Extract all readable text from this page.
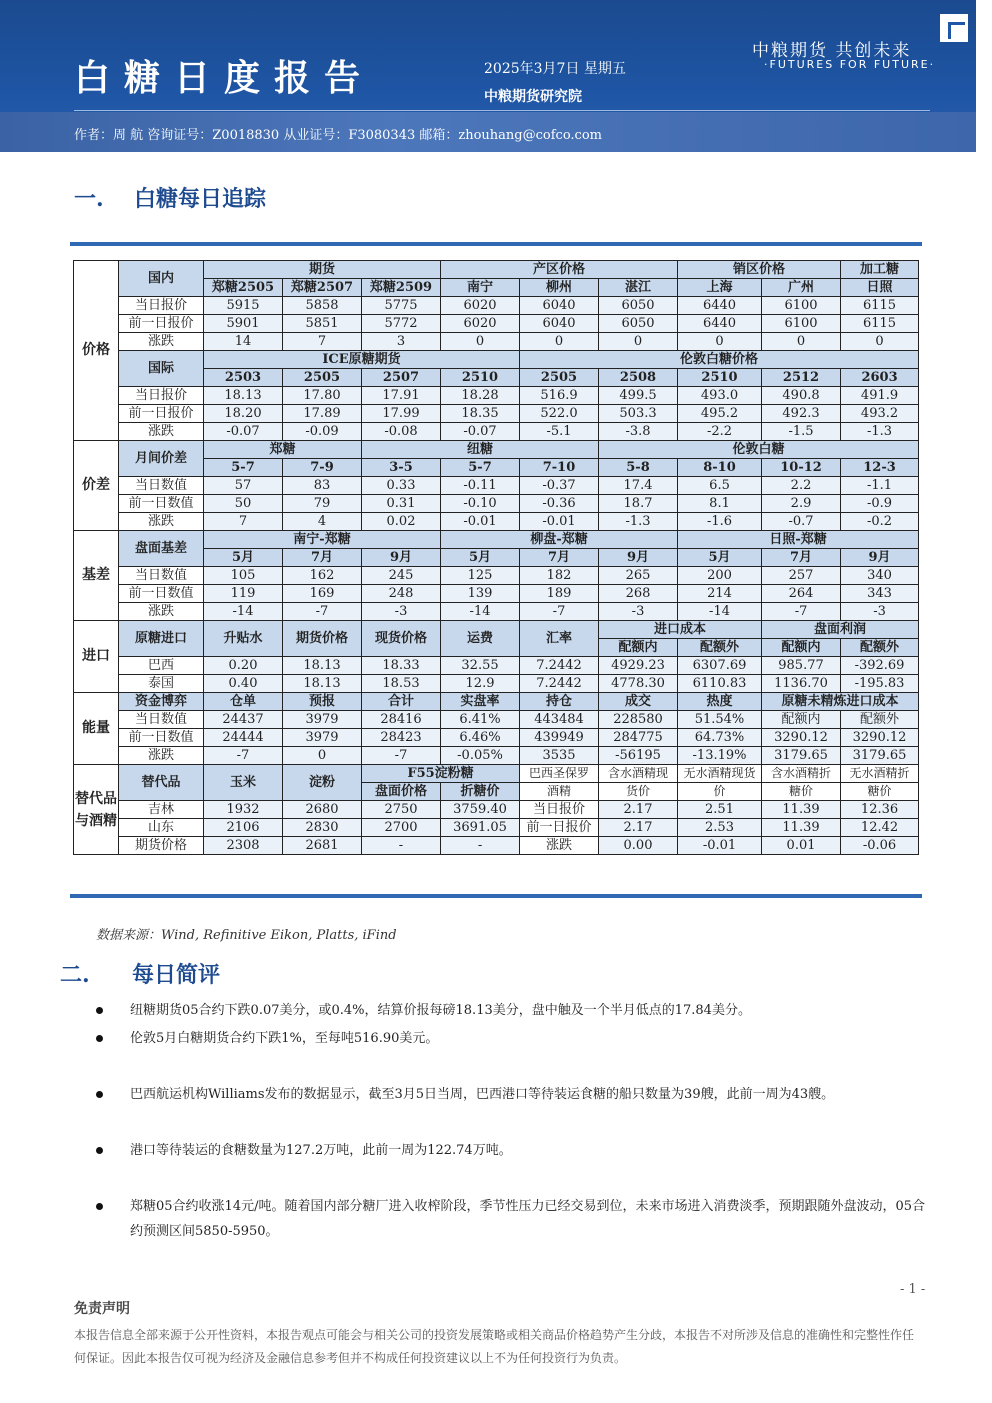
白糖日度报告	2025年3月7日 星期五
中粮期货研究院
中粮期货 共创未来
·FUTURES FOR FUTURE·
作者：周 航 咨询证号：Z0018830 从业证号：F3080343 邮箱：zhouhang@cofco.com
一. 白糖每日追踪
价格	国内	期货			产区价格			销区价格		加工糖
		郑糖2505	郑糖2507	郑糖2509	南宁	柳州	湛江	上海	广州	日照
	当日报价	5915	5858	5775	6020	6040	6050	6440	6100	6115
	前一日报价	5901	5851	5772	6020	6040	6050	6440	6100	6115
	涨跌	14	7	3	0	0	0	0	0	0
	国际	ICE原糖期货				伦敦白糖价格				
		2503	2505	2507	2510	2505	2508	2510	2512	2603
	当日报价	18.13	17.80	17.91	18.28	516.9	499.5	493.0	490.8	491.9
	前一日报价	18.20	17.89	17.99	18.35	522.0	503.3	495.2	492.3	493.2
	涨跌	-0.07	-0.09	-0.08	-0.07	-5.1	-3.8	-2.2	-1.5	-1.3
价差	月间价差	郑糖		纽糖			伦敦白糖			
		5-7	7-9	3-5	5-7	7-10	5-8	8-10	10-12	12-3
	当日数值	57	83	0.33	-0.11	-0.37	17.4	6.5	2.2	-1.1
	前一日数值	50	79	0.31	-0.10	-0.36	18.7	8.1	2.9	-0.9
	涨跌	7	4	0.02	-0.01	-0.01	-1.3	-1.6	-0.7	-0.2
基差	盘面基差	南宁-郑糖			柳盘-郑糖			日照-郑糖		
		5月	7月	9月	5月	7月	9月	5月	7月	9月
	当日数值	105	162	245	125	182	265	200	257	340
	前一日数值	119	169	248	139	189	268	214	264	343
	涨跌	-14	-7	-3	-14	-7	-3	-14	-7	-3
进口	原糖进口	升贴水	期货价格	现货价格	运费	汇率	进口成本		盘面利润	
							配额内	配额外	配额内	配额外
	巴西	0.20	18.13	18.33	32.55	7.2442	4929.23	6307.69	985.77	-392.69
	泰国	0.40	18.13	18.53	12.9	7.2442	4778.30	6110.83	1136.70	-195.83
能量	资金博弈	仓单	预报	合计	实盘率	持仓	成交	热度	原糖未精炼进口成本	
	当日数值	24437	3979	28416	6.41%	443484	228580	51.54%	配额内	配额外
	前一日数值	24444	3979	28423	6.46%	439949	284775	64.73%	3290.12	3290.12
	涨跌	-7	0	-7	-0.05%	3535	-56195	-13.19%	3179.65	3179.65
替代品与酒精	替代品	玉米	淀粉	F55淀粉糖		巴西圣保罗	含水酒精现	无水酒精现货	含水酒精折	无水酒精折
				盘面价格	折糖价	酒精	货价	价	糖价	糖价
	吉林	1932	2680	2750	3759.40	当日报价	2.17	2.51	11.39	12.36
	山东	2106	2830	2700	3691.05	前一日报价	2.17	2.53	11.39	12.42
	期货价格	2308	2681	-	-	涨跌	0.00	-0.01	0.01	-0.06
数据来源：Wind, Refinitive Eikon, Platts, iFind
二. 每日简评
纽糖期货05合约下跌0.07美分，或0.4%，结算价报每磅18.13美分，盘中触及一个半月低点的17.84美分。
伦敦5月白糖期货合约下跌1%，至每吨516.90美元。
巴西航运机构Williams发布的数据显示，截至3月5日当周，巴西港口等待装运食糖的船只数量为39艘，此前一周为43艘。
港口等待装运的食糖数量为127.2万吨，此前一周为122.74万吨。
郑糖05合约收涨14元/吨。随着国内部分糖厂进入收榨阶段，季节性压力已经交易到位，未来市场进入消费淡季，预期跟随外盘波动，05合约预测区间5850-5950。
- 1 -
免责声明
本报告信息全部来源于公开性资料，本报告观点可能会与相关公司的投资发展策略或相关商品价格趋势产生分歧，本报告不对所涉及信息的准确性和完整性作任何保证。因此本报告仅可视为经济及金融信息参考但并不构成任何投资建议以上不为任何投资行为负责。
